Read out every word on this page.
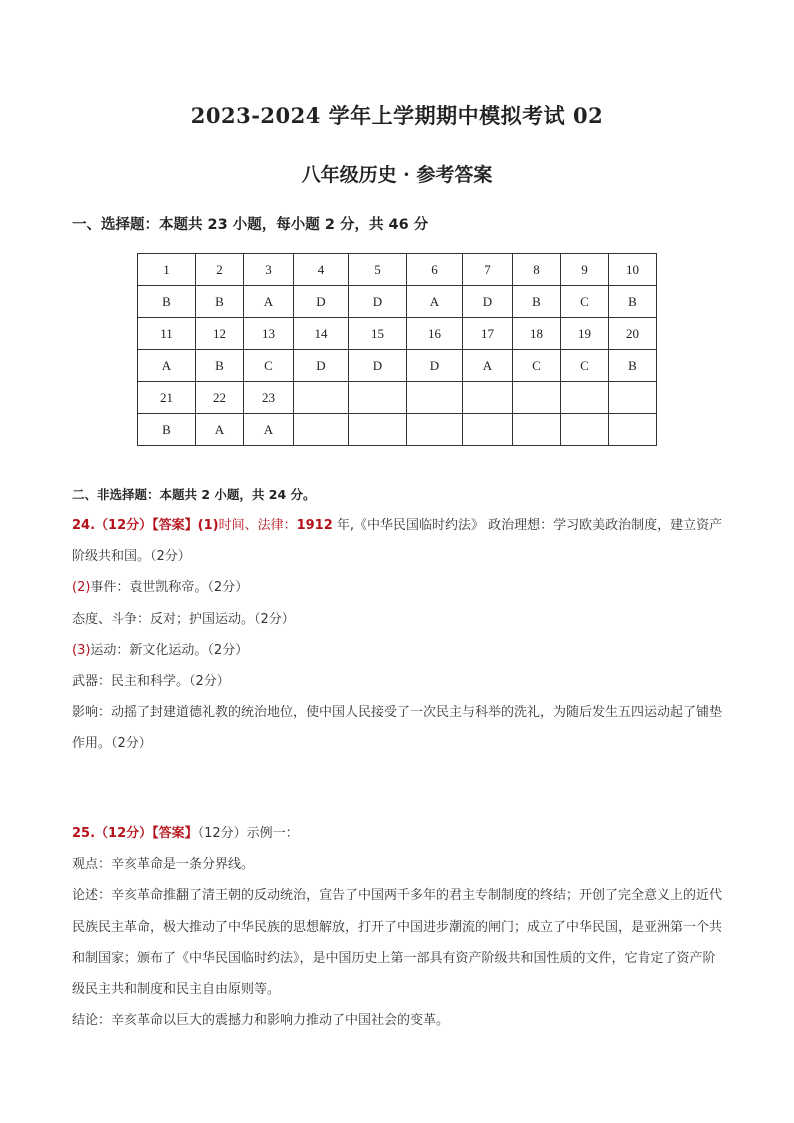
2023-2024 学年上学期期中模拟考试 02
八年级历史 · 参考答案
一、选择题：本题共 23 小题，每小题 2 分，共 46 分
1	2	3	4	5	6	7	8	9	10
B	B	A	D	D	A	D	B	C	B
11	12	13	14	15	16	17	18	19	20
A	B	C	D	D	D	A	C	C	B
21	22	23							
B	A	A							
二、非选择题：本题共 2 小题，共 24 分。

24.（12分）【答案】(1)时间、法律：1912 年,《中华民国临时约法》 政治理想：学习欧美政治制度，建立资产阶级共和国。（2分）

(2)事件：袁世凯称帝。（2分）

态度、斗争：反对；护国运动。（2分）

(3)运动：新文化运动。（2分）

武器：民主和科学。（2分）

影响：动摇了封建道德礼教的统治地位，使中国人民接受了一次民主与科举的洗礼，为随后发生五四运动起了铺垫作用。（2分）

25.（12分）【答案】（12分）示例一：

观点：辛亥革命是一条分界线。

论述：辛亥革命推翻了清王朝的反动统治，宣告了中国两千多年的君主专制制度的终结；开创了完全意义上的近代民族民主革命，极大推动了中华民族的思想解放，打开了中国进步潮流的闸门；成立了中华民国，是亚洲第一个共和制国家；颁布了《中华民国临时约法》，是中国历史上第一部具有资产阶级共和国性质的文件，它肯定了资产阶级民主共和制度和民主自由原则等。

结论：辛亥革命以巨大的震撼力和影响力推动了中国社会的变革。
